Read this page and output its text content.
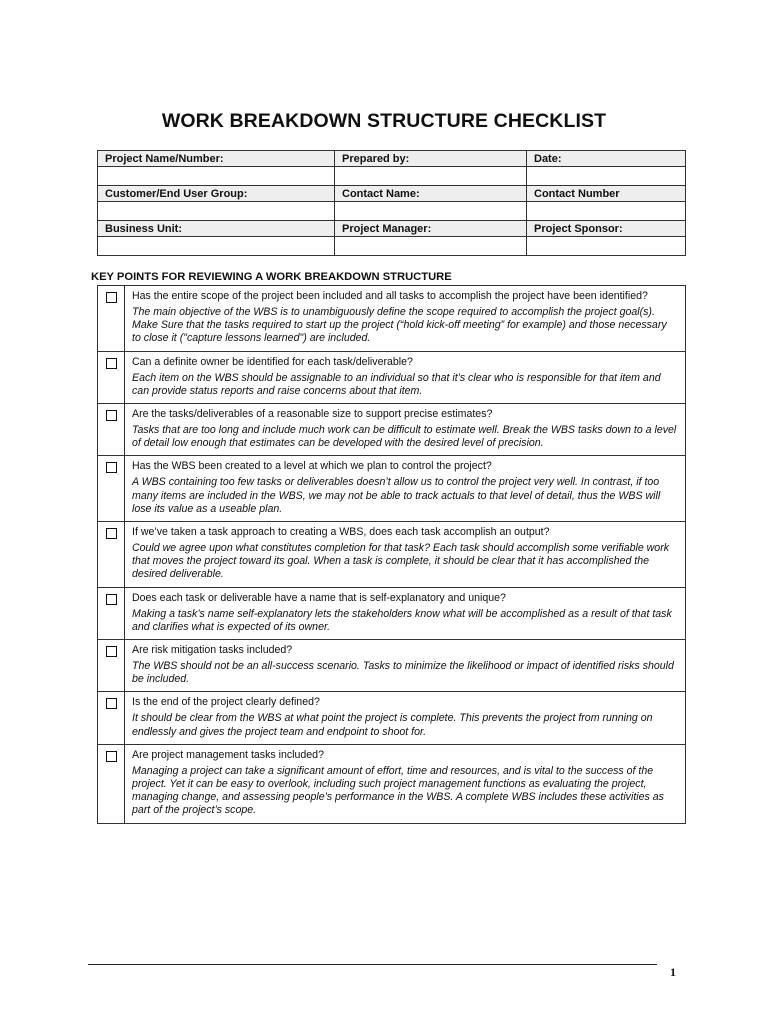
WORK BREAKDOWN STRUCTURE CHECKLIST
Project Name/Number:	Prepared by:	Date:

Customer/End User Group:	Contact Name:	Contact Number

Business Unit:	Project Manager:	Project Sponsor:

KEY POINTS FOR REVIEWING A WORK BREAKDOWN STRUCTURE

	Has the entire scope of the project been included and all tasks to accomplish the project have been identified?
The main objective of the WBS is to unambiguously define the scope required to accomplish the project goal(s). Make Sure that the tasks required to start up the project (“hold kick-off meeting” for example) and those necessary to close it ("capture lessons learned") are included.

	Can a definite owner be identified for each task/deliverable?
Each item on the WBS should be assignable to an individual so that it’s clear who is responsible for that item and can provide status reports and raise concerns about that item.

	Are the tasks/deliverables of a reasonable size to support precise estimates?
Tasks that are too long and include much work can be difficult to estimate well. Break the WBS tasks down to a level of detail low enough that estimates can be developed with the desired level of precision.

	Has the WBS been created to a level at which we plan to control the project?
A WBS containing too few tasks or deliverables doesn’t allow us to control the project very well. In contrast, if too many items are included in the WBS, we may not be able to track actuals to that level of detail, thus the WBS will lose its value as a useable plan.

	If we’ve taken a task approach to creating a WBS, does each task accomplish an output?
Could we agree upon what constitutes completion for that task? Each task should accomplish some verifiable work that moves the project toward its goal. When a task is complete, it should be clear that it has accomplished the desired deliverable.

	Does each task or deliverable have a name that is self-explanatory and unique?
Making a task’s name self-explanatory lets the stakeholders know what will be accomplished as a result of that task and clarifies what is expected of its owner.

	Are risk mitigation tasks included?
The WBS should not be an all-success scenario. Tasks to minimize the likelihood or impact of identified risks should be included.

	Is the end of the project clearly defined?
It should be clear from the WBS at what point the project is complete. This prevents the project from running on endlessly and gives the project team and endpoint to shoot for.

	Are project management tasks included?
Managing a project can take a significant amount of effort, time and resources, and is vital to the success of the project. Yet it can be easy to overlook, including such project management functions as evaluating the project, managing change, and assessing people’s performance in the WBS. A complete WBS includes these activities as part of the project’s scope.
1
